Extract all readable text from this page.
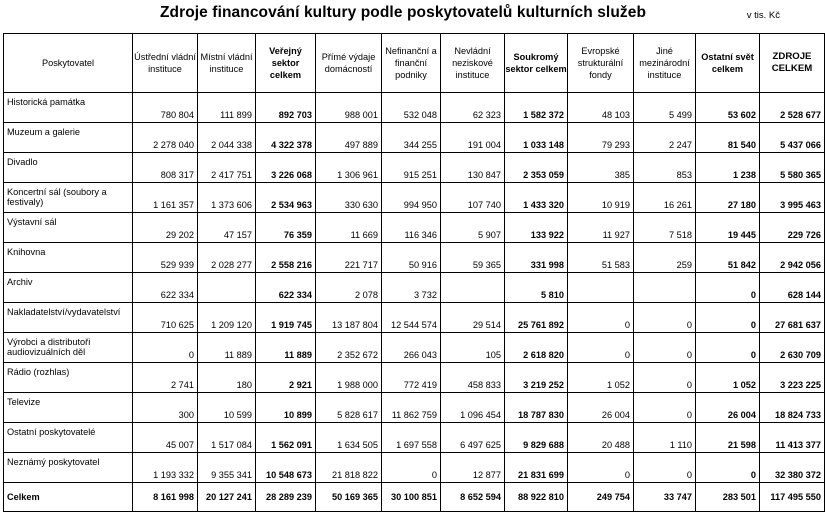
Zdroje financování kultury podle poskytovatelů kulturních služeb	v tis. Kč
Poskytovatel	Ústřední vládní instituce	Místní vládní instituce	Veřejný sektor celkem	Přímé výdaje domácností	Nefinanční a finanční podniky	Nevládní neziskové instituce	Soukromý sektor celkem	Evropské strukturální fondy	Jiné mezinárodní instituce	Ostatní svět celkem	ZDROJE CELKEM
Historická památka	780 804	111 899	892 703	988 001	532 048	62 323	1 582 372	48 103	5 499	53 602	2 528 677
Muzeum a galerie	2 278 040	2 044 338	4 322 378	497 889	344 255	191 004	1 033 148	79 293	2 247	81 540	5 437 066
Divadlo	808 317	2 417 751	3 226 068	1 306 961	915 251	130 847	2 353 059	385	853	1 238	5 580 365
Koncertní sál (soubory a festivaly)	1 161 357	1 373 606	2 534 963	330 630	994 950	107 740	1 433 320	10 919	16 261	27 180	3 995 463
Výstavní sál	29 202	47 157	76 359	11 669	116 346	5 907	133 922	11 927	7 518	19 445	229 726
Knihovna	529 939	2 028 277	2 558 216	221 717	50 916	59 365	331 998	51 583	259	51 842	2 942 056
Archiv	622 334		622 334	2 078	3 732		5 810			0	628 144
Nakladatelství/vydavatelství	710 625	1 209 120	1 919 745	13 187 804	12 544 574	29 514	25 761 892	0	0	0	27 681 637
Výrobci a distributoři audiovizuálních děl	0	11 889	11 889	2 352 672	266 043	105	2 618 820	0	0	0	2 630 709
Rádio (rozhlas)	2 741	180	2 921	1 988 000	772 419	458 833	3 219 252	1 052	0	1 052	3 223 225
Televize	300	10 599	10 899	5 828 617	11 862 759	1 096 454	18 787 830	26 004	0	26 004	18 824 733
Ostatní poskytovatelé	45 007	1 517 084	1 562 091	1 634 505	1 697 558	6 497 625	9 829 688	20 488	1 110	21 598	11 413 377
Neznámý poskytovatel	1 193 332	9 355 341	10 548 673	21 818 822	0	12 877	21 831 699	0	0	0	32 380 372
Celkem	8 161 998	20 127 241	28 289 239	50 169 365	30 100 851	8 652 594	88 922 810	249 754	33 747	283 501	117 495 550
